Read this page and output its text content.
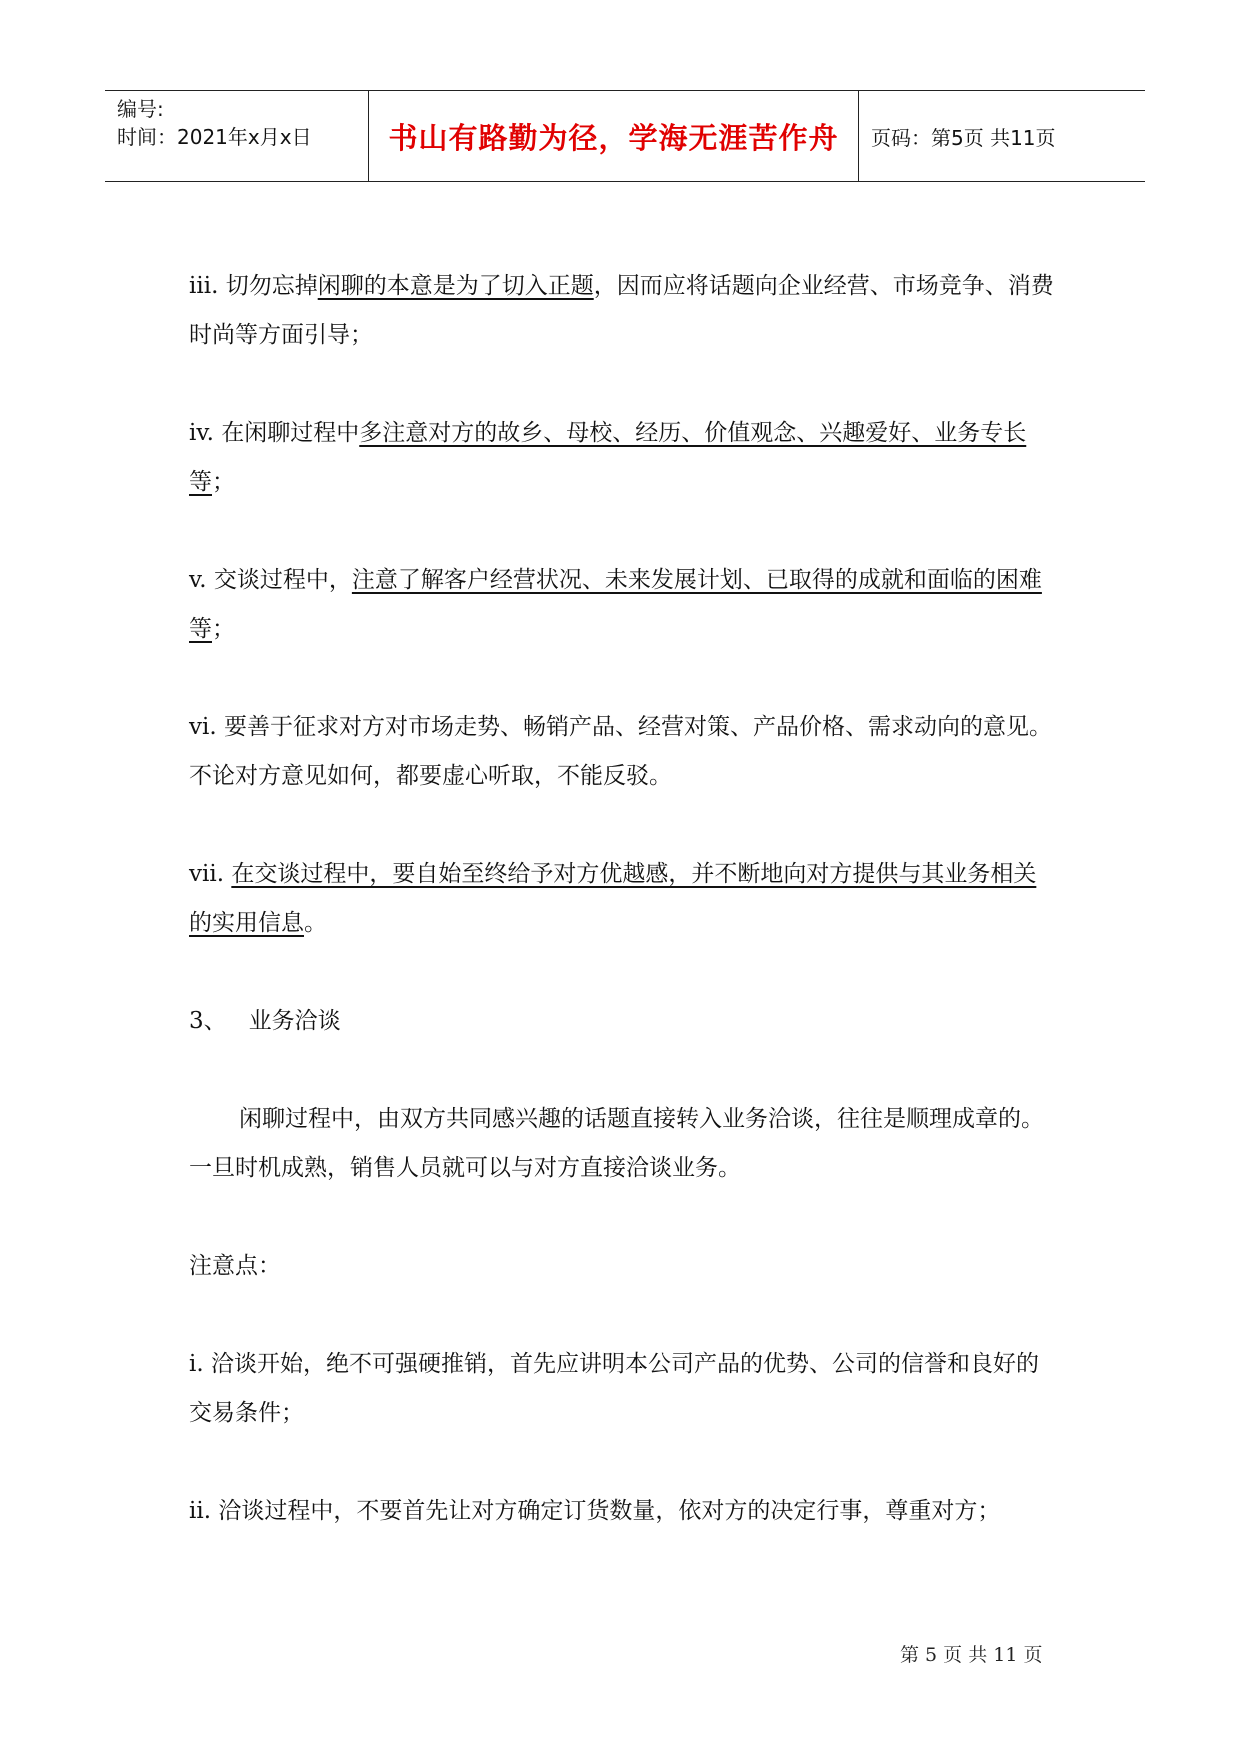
编号:
时间：2021年x月x日	书山有路勤为径，学海无涯苦作舟	页码：第5页 共11页

iii. 切勿忘掉闲聊的本意是为了切入正题，因而应将话题向企业经营、市场竞争、消费时尚等方面引导；

iv. 在闲聊过程中多注意对方的故乡、母校、经历、价值观念、兴趣爱好、业务专长等；

v. 交谈过程中，注意了解客户经营状况、未来发展计划、已取得的成就和面临的困难等；

vi. 要善于征求对方对市场走势、畅销产品、经营对策、产品价格、需求动向的意见。不论对方意见如何，都要虚心听取，不能反驳。

vii. 在交谈过程中，要自始至终给予对方优越感，并不断地向对方提供与其业务相关的实用信息。

3、   业务洽谈

闲聊过程中，由双方共同感兴趣的话题直接转入业务洽谈，往往是顺理成章的。一旦时机成熟，销售人员就可以与对方直接洽谈业务。

注意点：

i. 洽谈开始，绝不可强硬推销，首先应讲明本公司产品的优势、公司的信誉和良好的交易条件；

ii. 洽谈过程中，不要首先让对方确定订货数量，依对方的决定行事，尊重对方；

第 5 页 共 11 页
